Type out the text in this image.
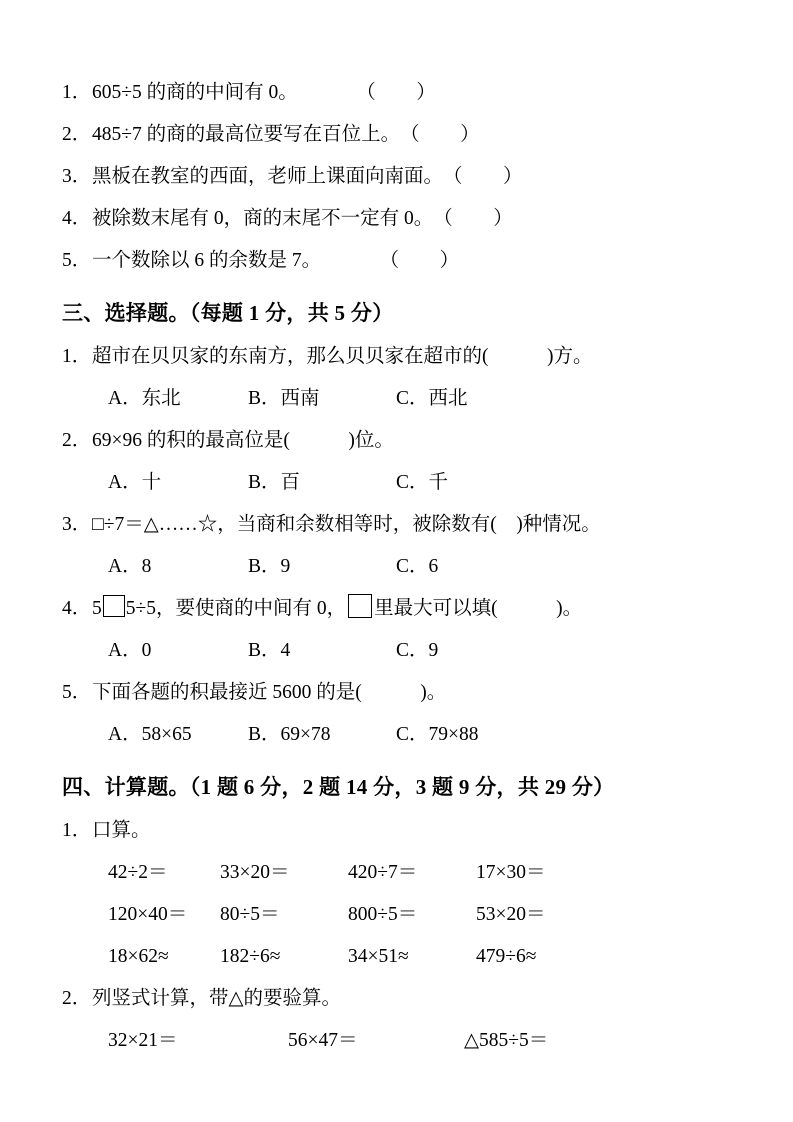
1．605÷5 的商的中间有 0。　　　　	（　　）
2．485÷7 的商的最高位要写在百位上。　 （　　）
3．黑板在教室的西面，老师上课面向南面。　 （　　）
4．被除数末尾有 0，商的末尾不一定有 0。　 （　　）
5．一个数除以 6 的余数是 7。　　　　	（　　）
三、选择题。（每题 1 分，共 5 分）
1．超市在贝贝家的东南方，那么贝贝家在超市的(　　　)方。
A．东北	B．西南	C．西北
2．69×96 的积的最高位是(　　　)位。
A．十	B．百	C．千
3．□÷7＝△……☆，当商和余数相等时，被除数有(　)种情况。
A．8	B．9	C．6
4．5 5÷5，要使商的中间有 0， 里最大可以填(　　　)。
A．0	B．4	C．9
5．下面各题的积最接近 5600 的是(　　　)。
A．58×65	B．69×78	C．79×88
四、计算题。（1 题 6 分，2 题 14 分，3 题 9 分，共 29 分）
1．口算。
42÷2＝	33×20＝	420÷7＝	17×30＝
120×40＝ 80÷5＝	800÷5＝	53×20＝
18×62≈	182÷6≈	34×51≈	479÷6≈
2．列竖式计算，带△的要验算。
32×21＝	56×47＝	△585÷5＝
